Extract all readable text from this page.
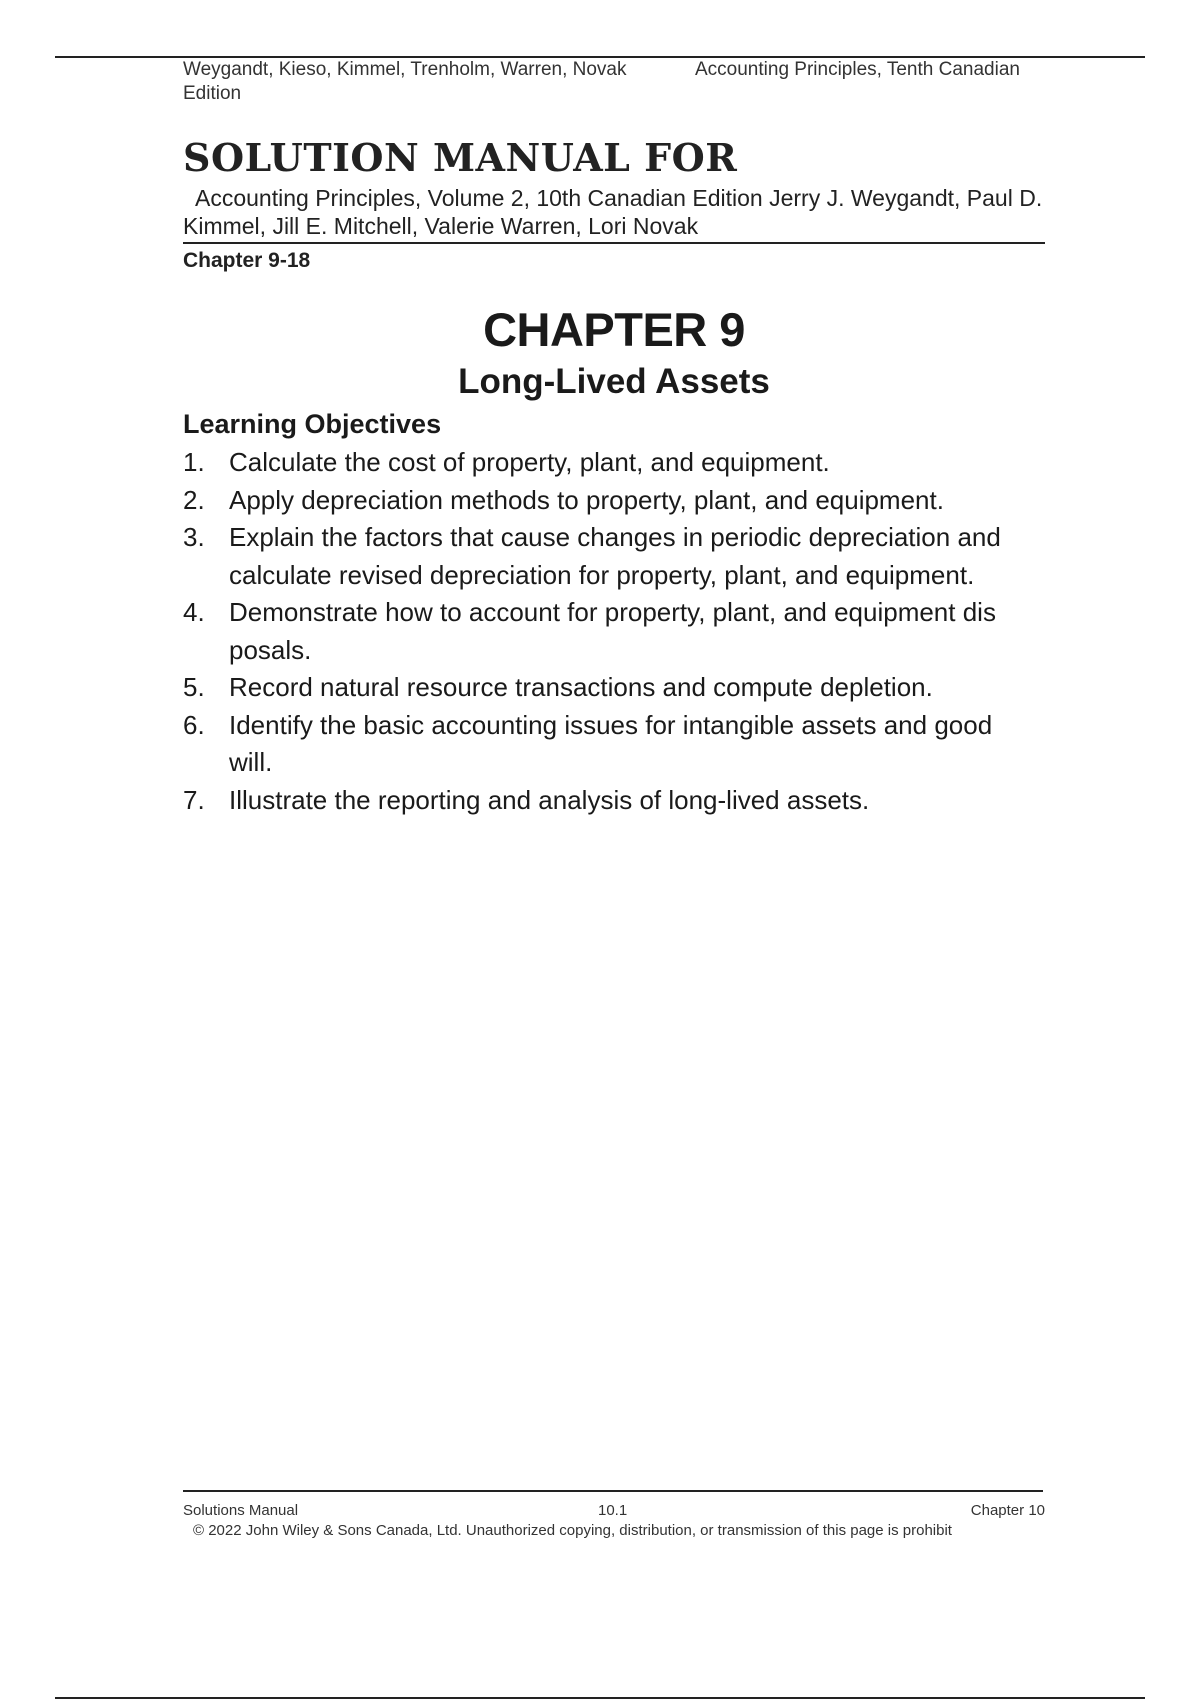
Weygandt, Kieso, Kimmel, Trenholm, Warren, Novak	Accounting Principles, Tenth Canadian
Edition
SOLUTION MANUAL FOR
Accounting Principles, Volume 2, 10th Canadian Edition Jerry J. Weygandt, Paul D. Kimmel, Jill E. Mitchell, Valerie Warren, Lori Novak
Chapter 9-18
CHAPTER 9
Long-Lived Assets
Learning Objectives
1. Calculate the cost of property, plant, and equipment.
2. Apply depreciation methods to property, plant, and equipment.
3. Explain the factors that cause changes in periodic depreciation and calculate revised depreciation for property, plant, and equipment.
4. Demonstrate how to account for property, plant, and equipment disposals.
5. Record natural resource transactions and compute depletion.
6. Identify the basic accounting issues for intangible assets and goodwill.
7. Illustrate the reporting and analysis of long-lived assets.
Solutions Manual	10.1	Chapter 10
© 2022 John Wiley & Sons Canada, Ltd. Unauthorized copying, distribution, or transmission of this page is prohibit
